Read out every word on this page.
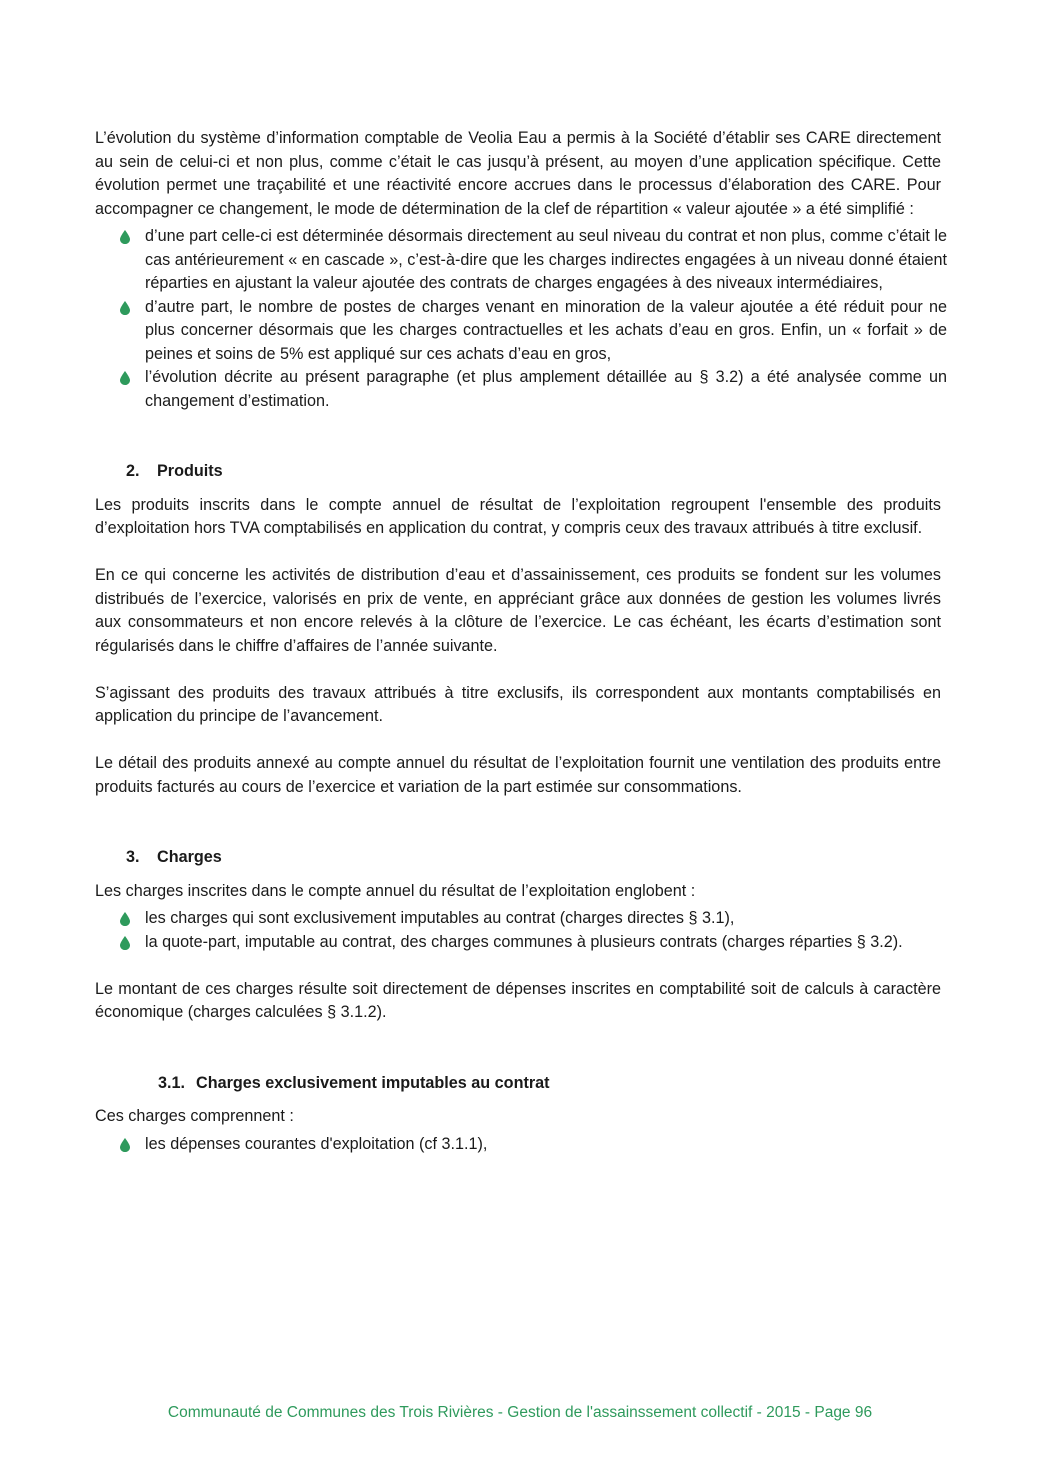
L’évolution du système d’information comptable de Veolia Eau a permis à la Société d’établir ses CARE directement au sein de celui-ci et non plus, comme c’était le cas jusqu’à présent, au moyen d’une application spécifique. Cette évolution permet une traçabilité et une réactivité encore accrues dans le processus d’élaboration des CARE. Pour accompagner ce changement, le mode de détermination de la clef de répartition « valeur ajoutée » a été simplifié :

d’une part celle-ci est déterminée désormais directement au seul niveau du contrat et non plus, comme c’était le cas antérieurement « en cascade », c’est-à-dire que les charges indirectes engagées à un niveau donné étaient réparties en ajustant la valeur ajoutée des contrats de charges engagées à des niveaux intermédiaires,
d’autre part, le nombre de postes de charges venant en minoration de la valeur ajoutée a été réduit pour ne plus concerner désormais que les charges contractuelles et les achats d’eau en gros. Enfin, un « forfait » de peines et soins de 5% est appliqué sur ces achats d’eau en gros,
l’évolution décrite au présent paragraphe (et plus amplement détaillée au § 3.2) a été analysée comme un changement d’estimation.
2. Produits

Les produits inscrits dans le compte annuel de résultat de l’exploitation regroupent l'ensemble des produits d’exploitation hors TVA comptabilisés en application du contrat, y compris ceux des travaux attribués à titre exclusif.

En ce qui concerne les activités de distribution d’eau et d’assainissement, ces produits se fondent sur les volumes distribués de l’exercice, valorisés en prix de vente, en appréciant grâce aux données de gestion les volumes livrés aux consommateurs et non encore relevés à la clôture de l’exercice. Le cas échéant, les écarts d’estimation sont régularisés dans le chiffre d’affaires de l’année suivante.

S’agissant des produits des travaux attribués à titre exclusifs, ils correspondent aux montants comptabilisés en application du principe de l’avancement.

Le détail des produits annexé au compte annuel du résultat de l’exploitation fournit une ventilation des produits entre produits facturés au cours de l’exercice et variation de la part estimée sur consommations.

3. Charges

Les charges inscrites dans le compte annuel du résultat de l’exploitation englobent :

les charges qui sont exclusivement imputables au contrat (charges directes § 3.1),
la quote-part, imputable au contrat, des charges communes à plusieurs contrats (charges réparties § 3.2).

Le montant de ces charges résulte soit directement de dépenses inscrites en comptabilité soit de calculs à caractère économique (charges calculées § 3.1.2).

3.1. Charges exclusivement imputables au contrat

Ces charges comprennent :

les dépenses courantes d'exploitation (cf 3.1.1),
Communauté de Communes des Trois Rivières - Gestion de l'assainssement collectif - 2015 - Page 96
